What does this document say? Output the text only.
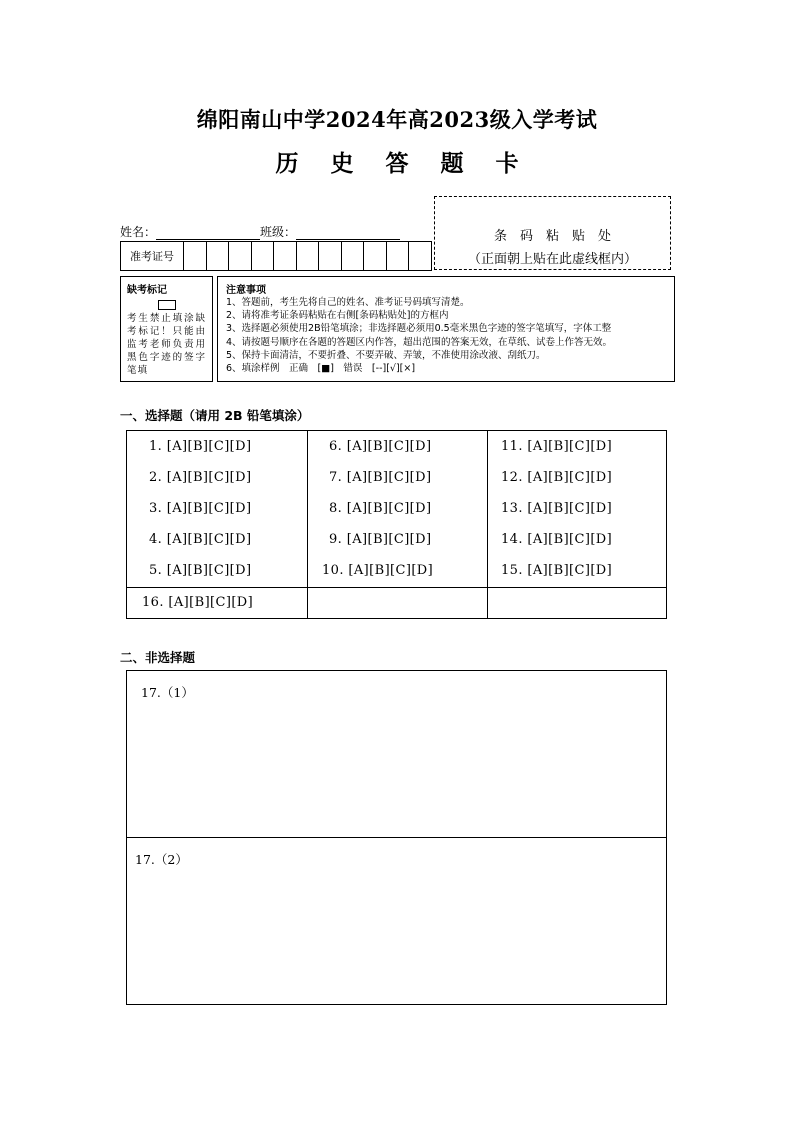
绵阳南山中学2024年高2023级入学考试
历 史 答 题 卡
姓名：	班级：
准考证号
条码粘贴处
（正面朝上贴在此虚线框内）
缺考标记
考生禁止填涂缺考标记！只能由监考老师负责用黑色字迹的签字笔填
注意事项
1、答题前，考生先将自己的姓名、准考证号码填写清楚。
2、请将准考证条码粘贴在右侧[条码粘贴处]的方框内
3、选择题必须使用2B铅笔填涂；非选择题必须用0.5毫米黑色字迹的签字笔填写，字体工整
4、请按题号顺序在各题的答题区内作答，超出范围的答案无效，在草纸、试卷上作答无效。
5、保持卡面清洁，不要折叠、不要弄破、弄皱，不准使用涂改液、刮纸刀。
6、填涂样例　正确　[■]　错误　[--][√][×]
一、选择题（请用 2B 铅笔填涂）
1. [A][B][C][D]
2. [A][B][C][D]
3. [A][B][C][D]
4. [A][B][C][D]
5. [A][B][C][D]
16. [A][B][C][D]
6. [A][B][C][D]
7. [A][B][C][D]
8. [A][B][C][D]
9. [A][B][C][D]
10. [A][B][C][D]
11. [A][B][C][D]
12. [A][B][C][D]
13. [A][B][C][D]
14. [A][B][C][D]
15. [A][B][C][D]
二、非选择题
17.（1）
17.（2）
